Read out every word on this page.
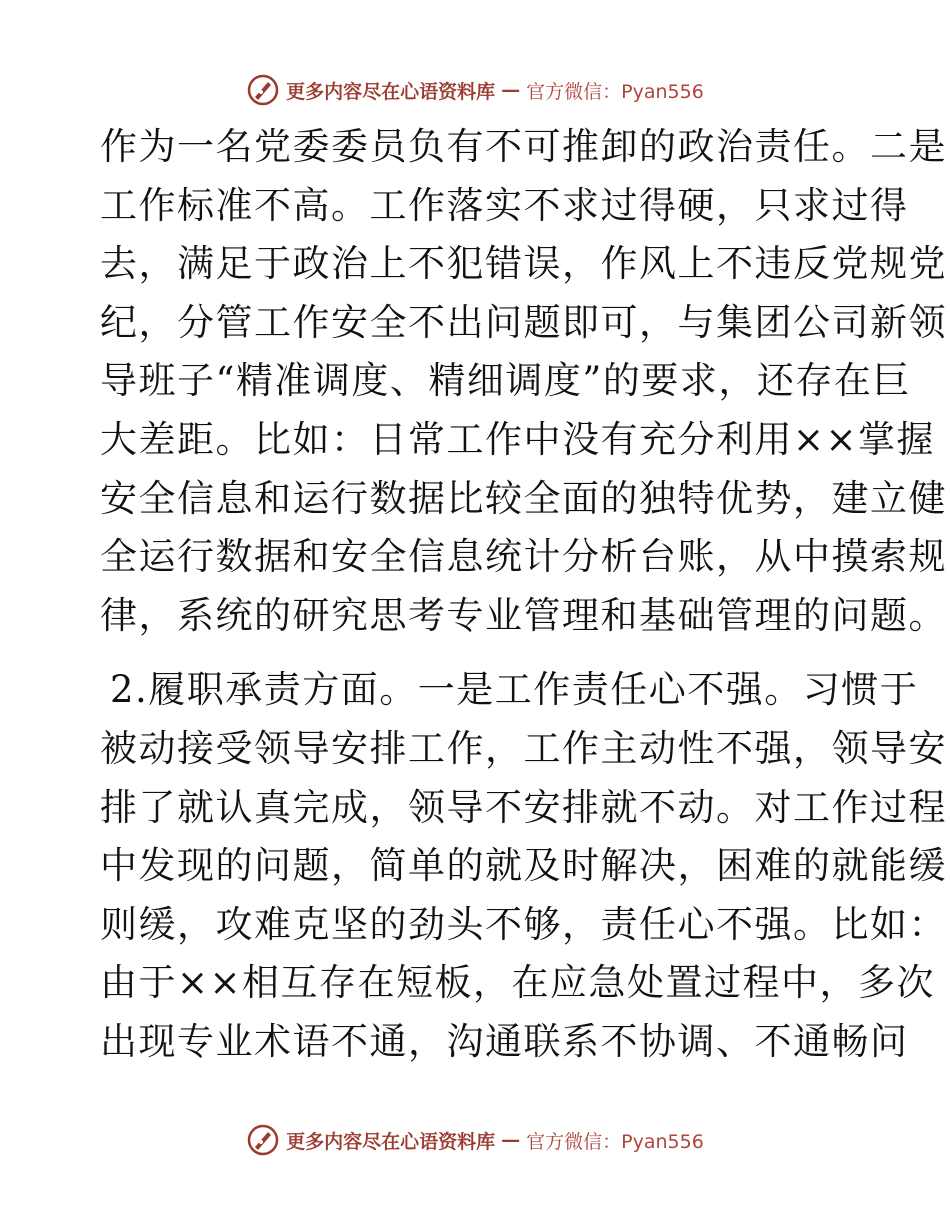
更多内容尽在心语资料库 — 官方微信：Pyan556
作为一名党委委员负有不可推卸的政治责任。二是
工作标准不高。工作落实不求过得硬，只求过得
去，满足于政治上不犯错误，作风上不违反党规党
纪，分管工作安全不出问题即可，与集团公司新领
导班子“精准调度、精细调度”的要求，还存在巨
大差距。比如：日常工作中没有充分利用××掌握
安全信息和运行数据比较全面的独特优势，建立健
全运行数据和安全信息统计分析台账，从中摸索规
律，系统的研究思考专业管理和基础管理的问题。
2.履职承责方面。一是工作责任心不强。习惯于
被动接受领导安排工作，工作主动性不强，领导安
排了就认真完成，领导不安排就不动。对工作过程
中发现的问题，简单的就及时解决，困难的就能缓
则缓，攻难克坚的劲头不够，责任心不强。比如：
由于××相互存在短板，在应急处置过程中，多次
出现专业术语不通，沟通联系不协调、不通畅问
更多内容尽在心语资料库 — 官方微信：Pyan556
